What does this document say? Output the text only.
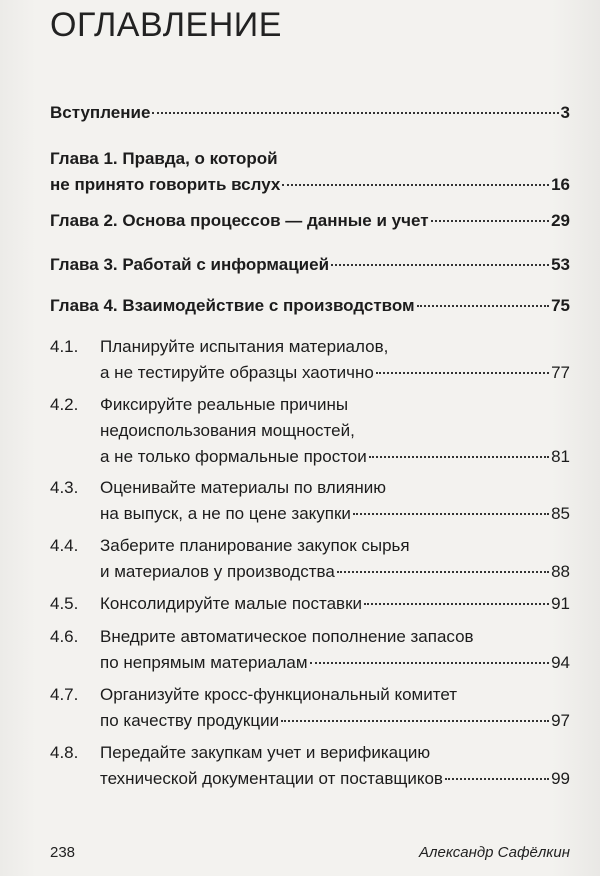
ОГЛАВЛЕНИЕ
Вступление	3
Глава 1. Правда, о которой
не принято говорить вслух	16
Глава 2. Основа процессов — данные и учет	29
Глава 3. Работай с информацией	53
Глава 4. Взаимодействие с производством	75
4.1.	Планируйте испытания материалов,
а не тестируйте образцы хаотично	77
4.2.	Фиксируйте реальные причины
недоиспользования мощностей,
а не только формальные простои	81
4.3.	Оценивайте материалы по влиянию
на выпуск, а не по цене закупки	85
4.4.	Заберите планирование закупок сырья
и материалов у производства	88
4.5.	Консолидируйте малые поставки	91
4.6.	Внедрите автоматическое пополнение запасов
по непрямым материалам	94
4.7.	Организуйте кросс-функциональный комитет
по качеству продукции	97
4.8.	Передайте закупкам учет и верификацию
технической документации от поставщиков	99
238	Александр Сафёлкин
